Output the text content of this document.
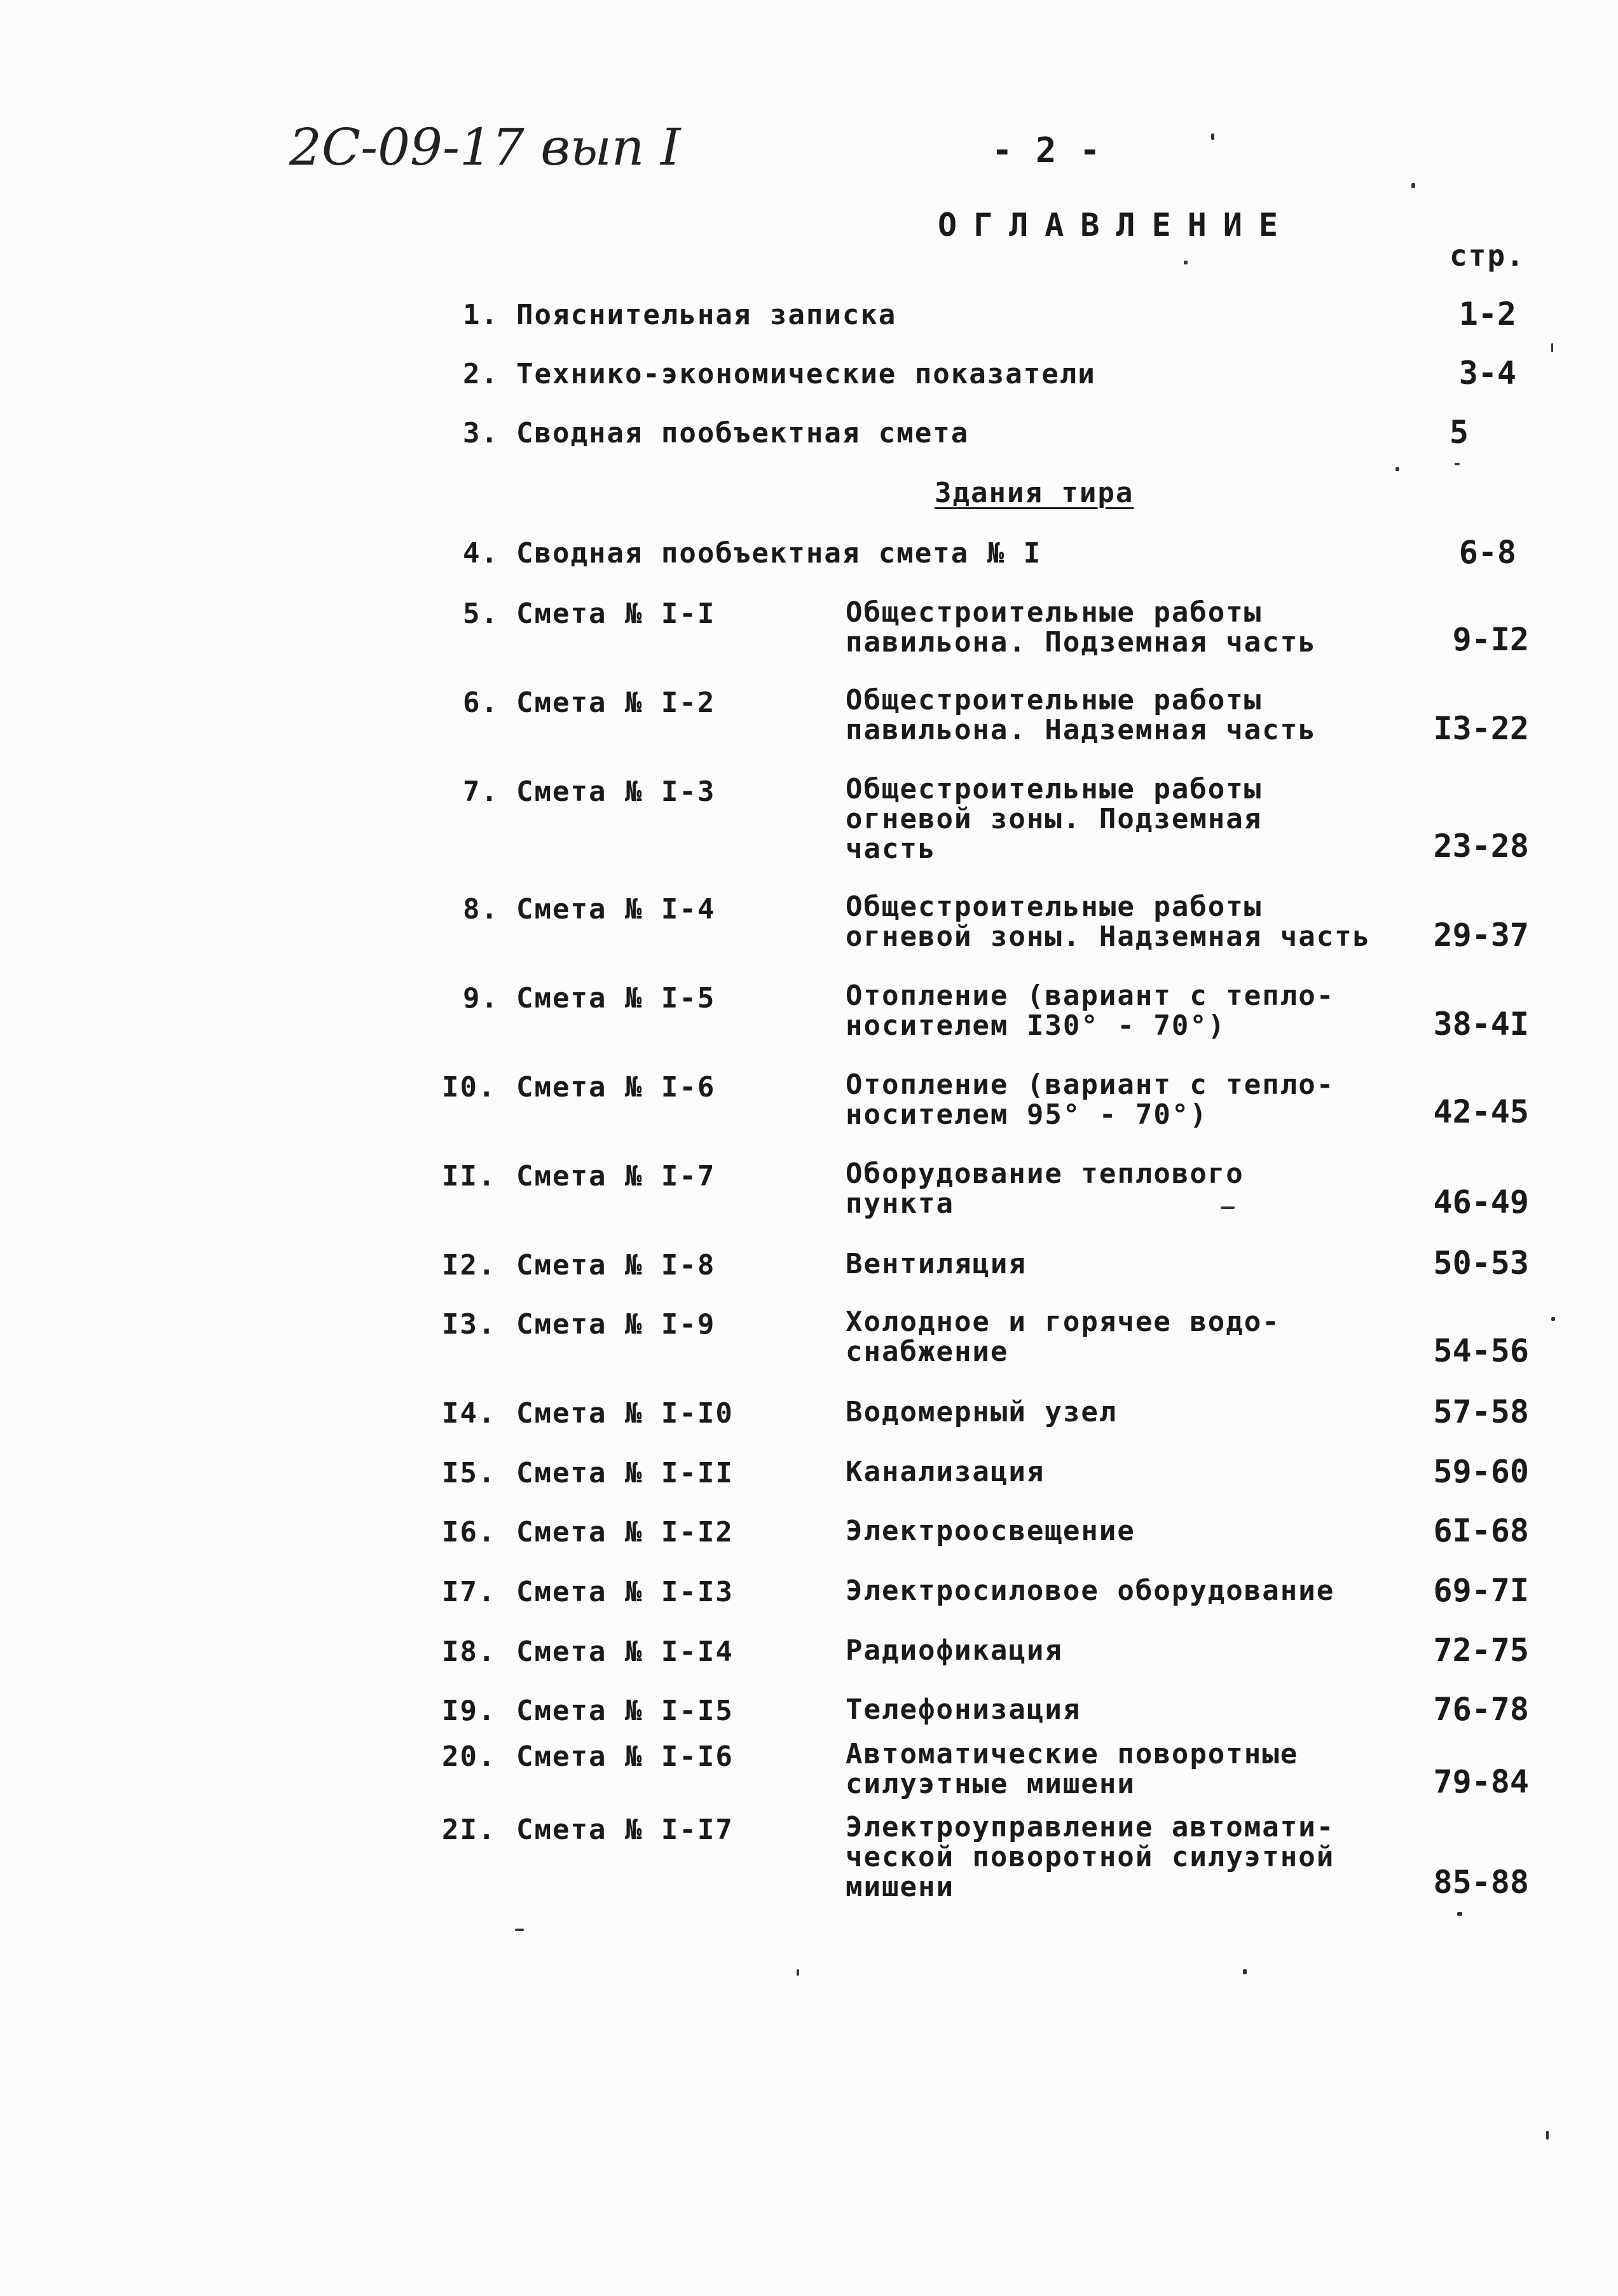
2С-09-17 вып I	- 2 -
ОГЛАВЛЕНИЕ
стр.
1. Пояснительная записка	1-2
2. Технико-экономические показатели	3-4
3. Сводная пообъектная смета	5
Здания тира
4. Сводная пообъектная смета № I	6-8
5. Смета № I-I	Общестроительные работы
павильона. Подземная часть	9-I2
6. Смета № I-2	Общестроительные работы
павильона. Надземная часть	I3-22
7. Смета № I-3	Общестроительные работы
огневой зоны. Подземная
часть	23-28
8. Смета № I-4	Общестроительные работы
огневой зоны. Надземная часть	29-37
9. Смета № I-5	Отопление (вариант с тепло-
носителем I30° - 70°)	38-4I
I0. Смета № I-6	Отопление (вариант с тепло-
носителем 95° - 70°)	42-45
II. Смета № I-7	Оборудование теплового
пункта	46-49
I2. Смета № I-8	Вентиляция	50-53
I3. Смета № I-9	Холодное и горячее водо-
снабжение	54-56
I4. Смета № I-I0	Водомерный узел	57-58
I5. Смета № I-II	Канализация	59-60
I6. Смета № I-I2	Электроосвещение	6I-68
I7. Смета № I-I3	Электросиловое оборудование	69-7I
I8. Смета № I-I4	Радиофикация	72-75
I9. Смета № I-I5	Телефонизация	76-78
20. Смета № I-I6	Автоматические поворотные
силуэтные мишени	79-84
2I. Смета № I-I7	Электроуправление автомати-
ческой поворотной силуэтной
мишени	85-88
